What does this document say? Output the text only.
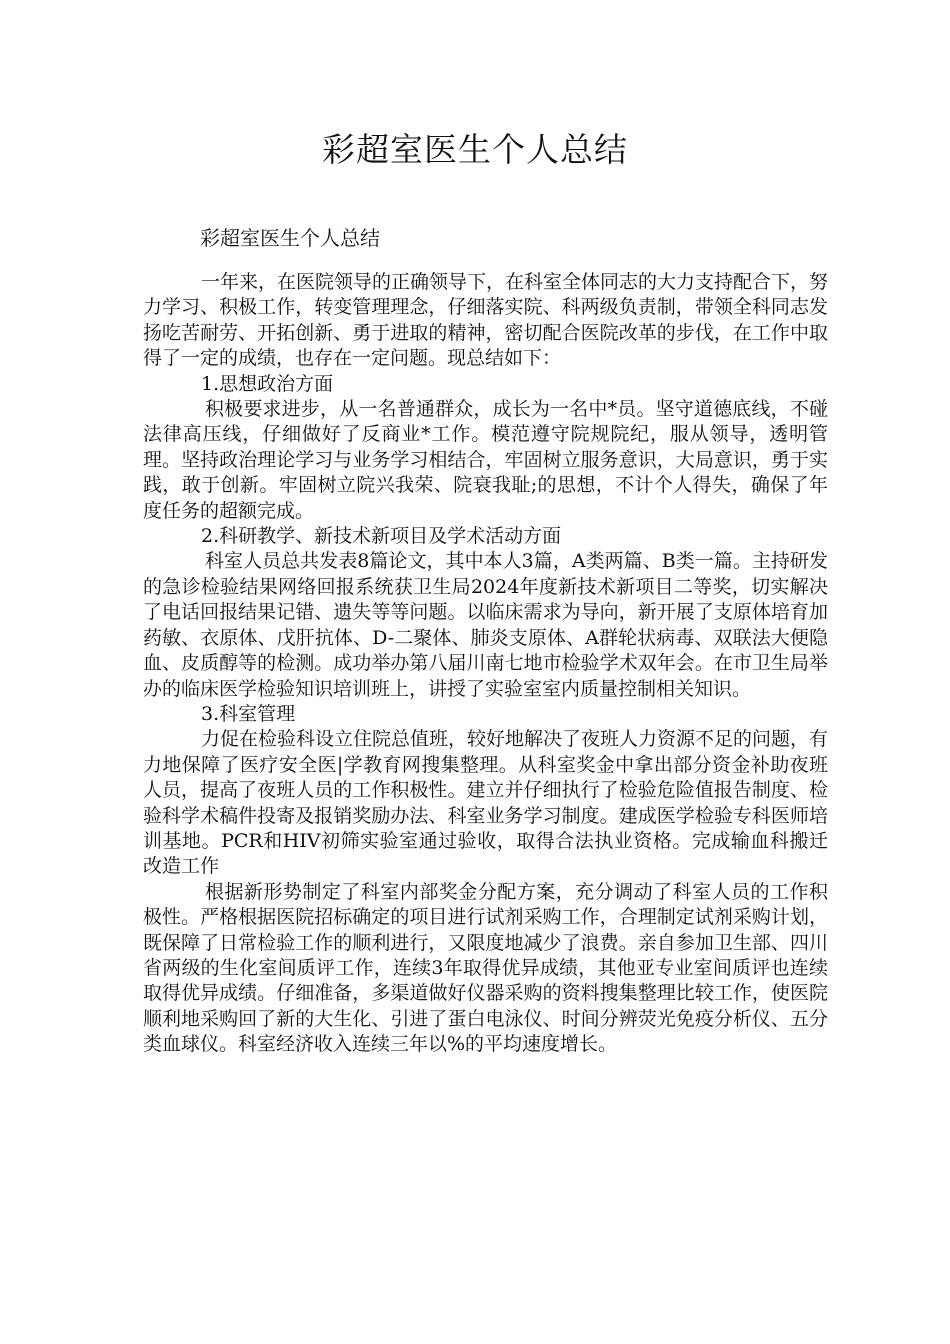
彩超室医生个人总结

彩超室医生个人总结

一年来，在医院领导的正确领导下，在科室全体同志的大力支持配合下，努力学习、积极工作，转变管理理念，仔细落实院、科两级负责制，带领全科同志发扬吃苦耐劳、开拓创新、勇于进取的精神，密切配合医院改革的步伐，在工作中取得了一定的成绩，也存在一定问题。现总结如下：

1.思想政治方面

积极要求进步，从一名普通群众，成长为一名中*员。坚守道德底线，不碰法律高压线，仔细做好了反商业*工作。模范遵守院规院纪，服从领导，透明管理。坚持政治理论学习与业务学习相结合，牢固树立服务意识，大局意识，勇于实践，敢于创新。牢固树立院兴我荣、院衰我耻;的思想，不计个人得失，确保了年度任务的超额完成。

2.科研教学、新技术新项目及学术活动方面

科室人员总共发表8篇论文，其中本人3篇，A类两篇、B类一篇。主持研发的急诊检验结果网络回报系统获卫生局2024年度新技术新项目二等奖，切实解决了电话回报结果记错、遗失等等问题。以临床需求为导向，新开展了支原体培育加药敏、衣原体、戊肝抗体、D-二聚体、肺炎支原体、A群轮状病毒、双联法大便隐血、皮质醇等的检测。成功举办第八届川南七地市检验学术双年会。在市卫生局举办的临床医学检验知识培训班上，讲授了实验室室内质量控制相关知识。

3.科室管理

力促在检验科设立住院总值班，较好地解决了夜班人力资源不足的问题，有力地保障了医疗安全医|学教育网搜集整理。从科室奖金中拿出部分资金补助夜班人员，提高了夜班人员的工作积极性。建立并仔细执行了检验危险值报告制度、检验科学术稿件投寄及报销奖励办法、科室业务学习制度。建成医学检验专科医师培训基地。PCR和HIV初筛实验室通过验收，取得合法执业资格。完成输血科搬迁改造工作

根据新形势制定了科室内部奖金分配方案，充分调动了科室人员的工作积极性。严格根据医院招标确定的项目进行试剂采购工作，合理制定试剂采购计划，既保障了日常检验工作的顺利进行，又限度地减少了浪费。亲自参加卫生部、四川省两级的生化室间质评工作，连续3年取得优异成绩，其他亚专业室间质评也连续取得优异成绩。仔细准备，多渠道做好仪器采购的资料搜集整理比较工作，使医院顺利地采购回了新的大生化、引进了蛋白电泳仪、时间分辨荧光免疫分析仪、五分类血球仪。科室经济收入连续三年以%的平均速度增长。
